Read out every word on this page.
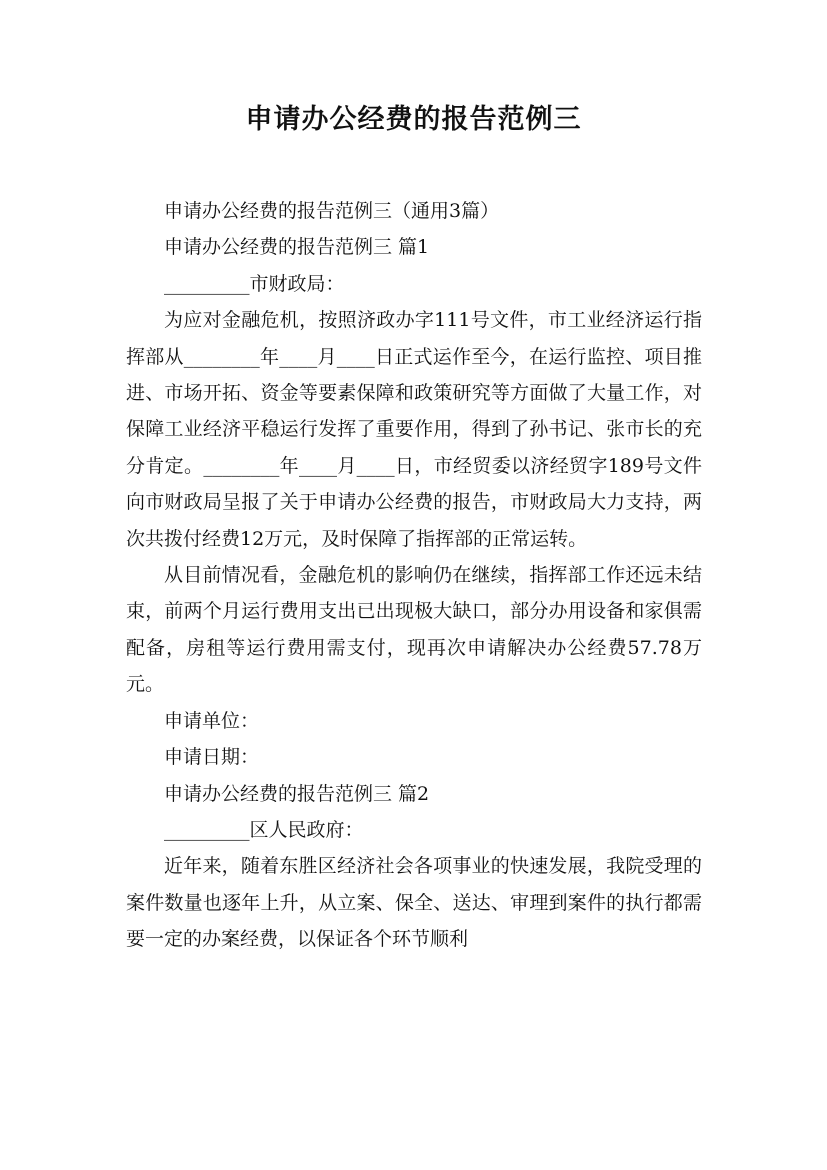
申请办公经费的报告范例三

申请办公经费的报告范例三（通用3篇）

申请办公经费的报告范例三 篇1

_________市财政局：

为应对金融危机，按照济政办字111号文件，市工业经济运行指挥部从________年____月____日正式运作至今，在运行监控、项目推进、市场开拓、资金等要素保障和政策研究等方面做了大量工作，对保障工业经济平稳运行发挥了重要作用，得到了孙书记、张市长的充分肯定。________年____月____日，市经贸委以济经贸字189号文件向市财政局呈报了关于申请办公经费的报告，市财政局大力支持，两次共拨付经费12万元，及时保障了指挥部的正常运转。

从目前情况看，金融危机的影响仍在继续，指挥部工作还远未结束，前两个月运行费用支出已出现极大缺口，部分办用设备和家俱需配备，房租等运行费用需支付，现再次申请解决办公经费57.78万元。

申请单位：

申请日期：

申请办公经费的报告范例三 篇2

_________区人民政府：

近年来，随着东胜区经济社会各项事业的快速发展，我院受理的案件数量也逐年上升，从立案、保全、送达、审理到案件的执行都需要一定的办案经费，以保证各个环节顺利
